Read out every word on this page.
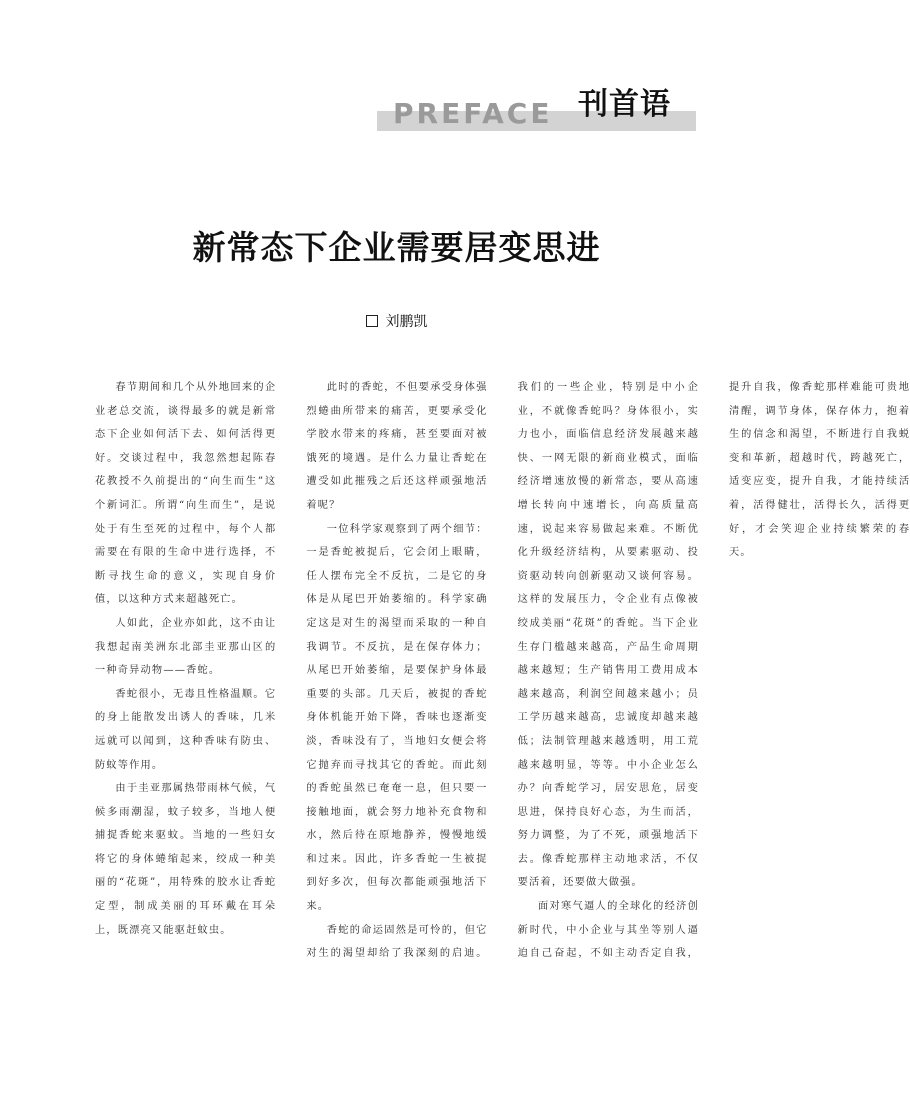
PREFACE 刊首语
新常态下企业需要居变思进
刘鹏凯

春节期间和几个从外地回来的企业老总交流，谈得最多的就是新常态下企业如何活下去、如何活得更好。交谈过程中，我忽然想起陈春花教授不久前提出的“向生而生”这个新词汇。所谓“向生而生”，是说处于有生至死的过程中，每个人都需要在有限的生命中进行选择，不断寻找生命的意义，实现自身价值，以这种方式来超越死亡。

人如此，企业亦如此，这不由让我想起南美洲东北部圭亚那山区的一种奇异动物——香蛇。

香蛇很小，无毒且性格温顺。它的身上能散发出诱人的香味，几米远就可以闻到，这种香味有防虫、防蚊等作用。

由于圭亚那属热带雨林气候，气候多雨潮湿，蚊子较多，当地人便捕捉香蛇来驱蚊。当地的一些妇女将它的身体蜷缩起来，绞成一种美丽的“花斑”，用特殊的胶水让香蛇定型，制成美丽的耳环戴在耳朵上，既漂亮又能驱赶蚊虫。

此时的香蛇，不但要承受身体强烈蜷曲所带来的痛苦，更要承受化学胶水带来的疼痛，甚至要面对被饿死的境遇。是什么力量让香蛇在遭受如此摧残之后还这样顽强地活着呢？

一位科学家观察到了两个细节：一是香蛇被捉后，它会闭上眼睛，任人摆布完全不反抗，二是它的身体是从尾巴开始萎缩的。科学家确定这是对生的渴望而采取的一种自我调节。不反抗，是在保存体力；从尾巴开始萎缩，是要保护身体最重要的头部。几天后，被捉的香蛇身体机能开始下降，香味也逐渐变淡，香味没有了，当地妇女便会将它抛弃而寻找其它的香蛇。而此刻的香蛇虽然已奄奄一息，但只要一接触地面，就会努力地补充食物和水，然后待在原地静养，慢慢地缓和过来。因此，许多香蛇一生被捉到好多次，但每次都能顽强地活下来。

香蛇的命运固然是可怜的，但它对生的渴望却给了我深刻的启迪。我们的一些企业，特别是中小企业，不就像香蛇吗？身体很小，实力也小，面临信息经济发展越来越快、一网无限的新商业模式，面临经济增速放慢的新常态，要从高速增长转向中速增长，向高质量高速，说起来容易做起来难。不断优化升级经济结构，从要素驱动、投资驱动转向创新驱动又谈何容易。这样的发展压力，令企业有点像被绞成美丽“花斑”的香蛇。当下企业生存门槛越来越高，产品生命周期越来越短；生产销售用工费用成本越来越高，利润空间越来越小；员工学历越来越高，忠诚度却越来越低；法制管理越来越透明，用工荒越来越明显，等等。中小企业怎么办？向香蛇学习，居安思危，居变思进，保持良好心态，为生而活，努力调整，为了不死，顽强地活下去。像香蛇那样主动地求活，不仅要活着，还要做大做强。

面对寒气逼人的全球化的经济创新时代，中小企业与其坐等别人逼迫自己奋起，不如主动否定自我，提升自我，像香蛇那样难能可贵地清醒，调节身体，保存体力，抱着生的信念和渴望，不断进行自我蜕变和革新，超越时代，跨越死亡，适变应变，提升自我，才能持续活着，活得健壮，活得长久，活得更好，才会笑迎企业持续繁荣的春天。
